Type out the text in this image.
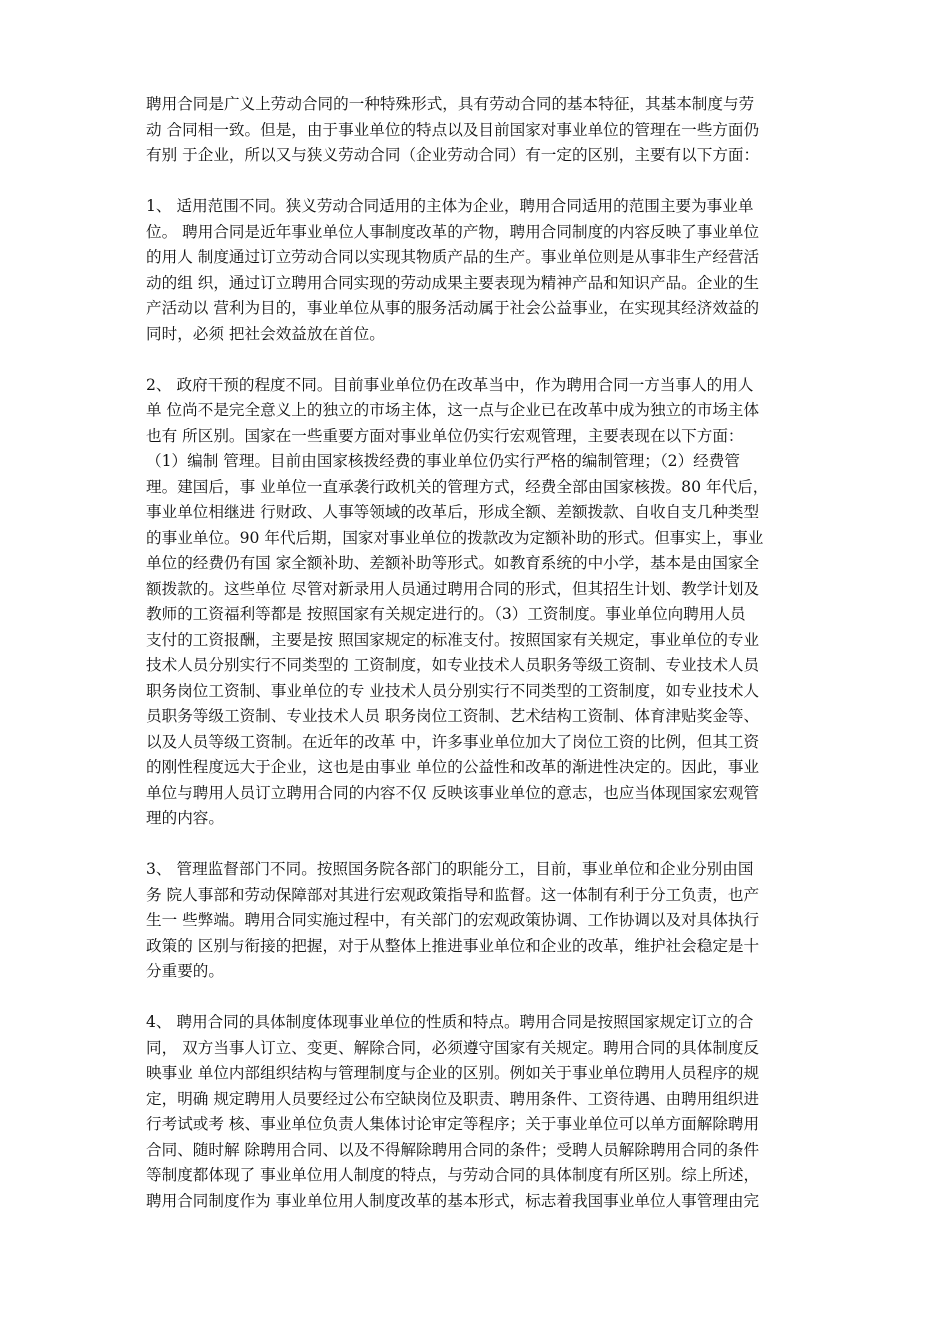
聘用合同是广义上劳动合同的一种特殊形式，具有劳动合同的基本特征，其基本制度与劳
动 合同相一致。但是，由于事业单位的特点以及目前国家对事业单位的管理在一些方面仍
有别 于企业，所以又与狭义劳动合同（企业劳动合同）有一定的区别，主要有以下方面：
1、 适用范围不同。狭义劳动合同适用的主体为企业，聘用合同适用的范围主要为事业单
位。 聘用合同是近年事业单位人事制度改革的产物，聘用合同制度的内容反映了事业单位
的用人 制度通过订立劳动合同以实现其物质产品的生产。事业单位则是从事非生产经营活
动的组 织，通过订立聘用合同实现的劳动成果主要表现为精神产品和知识产品。企业的生
产活动以 营利为目的，事业单位从事的服务活动属于社会公益事业，在实现其经济效益的
同时，必须 把社会效益放在首位。
2、 政府干预的程度不同。目前事业单位仍在改革当中，作为聘用合同一方当事人的用人
单 位尚不是完全意义上的独立的市场主体，这一点与企业已在改革中成为独立的市场主体
也有 所区别。国家在一些重要方面对事业单位仍实行宏观管理，主要表现在以下方面：
（1）编制 管理。目前由国家核拨经费的事业单位仍实行严格的编制管理；（2）经费管
理。建国后，事 业单位一直承袭行政机关的管理方式，经费全部由国家核拨。80 年代后，
事业单位相继进 行财政、人事等领域的改革后，形成全额、差额拨款、自收自支几种类型
的事业单位。90 年代后期，国家对事业单位的拨款改为定额补助的形式。但事实上，事业
单位的经费仍有国 家全额补助、差额补助等形式。如教育系统的中小学，基本是由国家全
额拨款的。这些单位 尽管对新录用人员通过聘用合同的形式，但其招生计划、教学计划及
教师的工资福利等都是 按照国家有关规定进行的。（3）工资制度。事业单位向聘用人员
支付的工资报酬，主要是按 照国家规定的标准支付。按照国家有关规定，事业单位的专业
技术人员分别实行不同类型的 工资制度，如专业技术人员职务等级工资制、专业技术人员
职务岗位工资制、事业单位的专 业技术人员分别实行不同类型的工资制度，如专业技术人
员职务等级工资制、专业技术人员 职务岗位工资制、艺术结构工资制、体育津贴奖金等、
以及人员等级工资制。在近年的改革 中，许多事业单位加大了岗位工资的比例，但其工资
的刚性程度远大于企业，这也是由事业 单位的公益性和改革的渐进性决定的。因此，事业
单位与聘用人员订立聘用合同的内容不仅 反映该事业单位的意志，也应当体现国家宏观管
理的内容。
3、 管理监督部门不同。按照国务院各部门的职能分工，目前，事业单位和企业分别由国
务 院人事部和劳动保障部对其进行宏观政策指导和监督。这一体制有利于分工负责，也产
生一 些弊端。聘用合同实施过程中，有关部门的宏观政策协调、工作协调以及对具体执行
政策的 区别与衔接的把握，对于从整体上推进事业单位和企业的改革，维护社会稳定是十
分重要的。
4、 聘用合同的具体制度体现事业单位的性质和特点。聘用合同是按照国家规定订立的合
同， 双方当事人订立、变更、解除合同，必须遵守国家有关规定。聘用合同的具体制度反
映事业 单位内部组织结构与管理制度与企业的区别。例如关于事业单位聘用人员程序的规
定，明确 规定聘用人员要经过公布空缺岗位及职责、聘用条件、工资待遇、由聘用组织进
行考试或考 核、事业单位负责人集体讨论审定等程序；关于事业单位可以单方面解除聘用
合同、随时解 除聘用合同、以及不得解除聘用合同的条件；受聘人员解除聘用合同的条件
等制度都体现了 事业单位用人制度的特点，与劳动合同的具体制度有所区别。综上所述，
聘用合同制度作为 事业单位用人制度改革的基本形式，标志着我国事业单位人事管理由完
